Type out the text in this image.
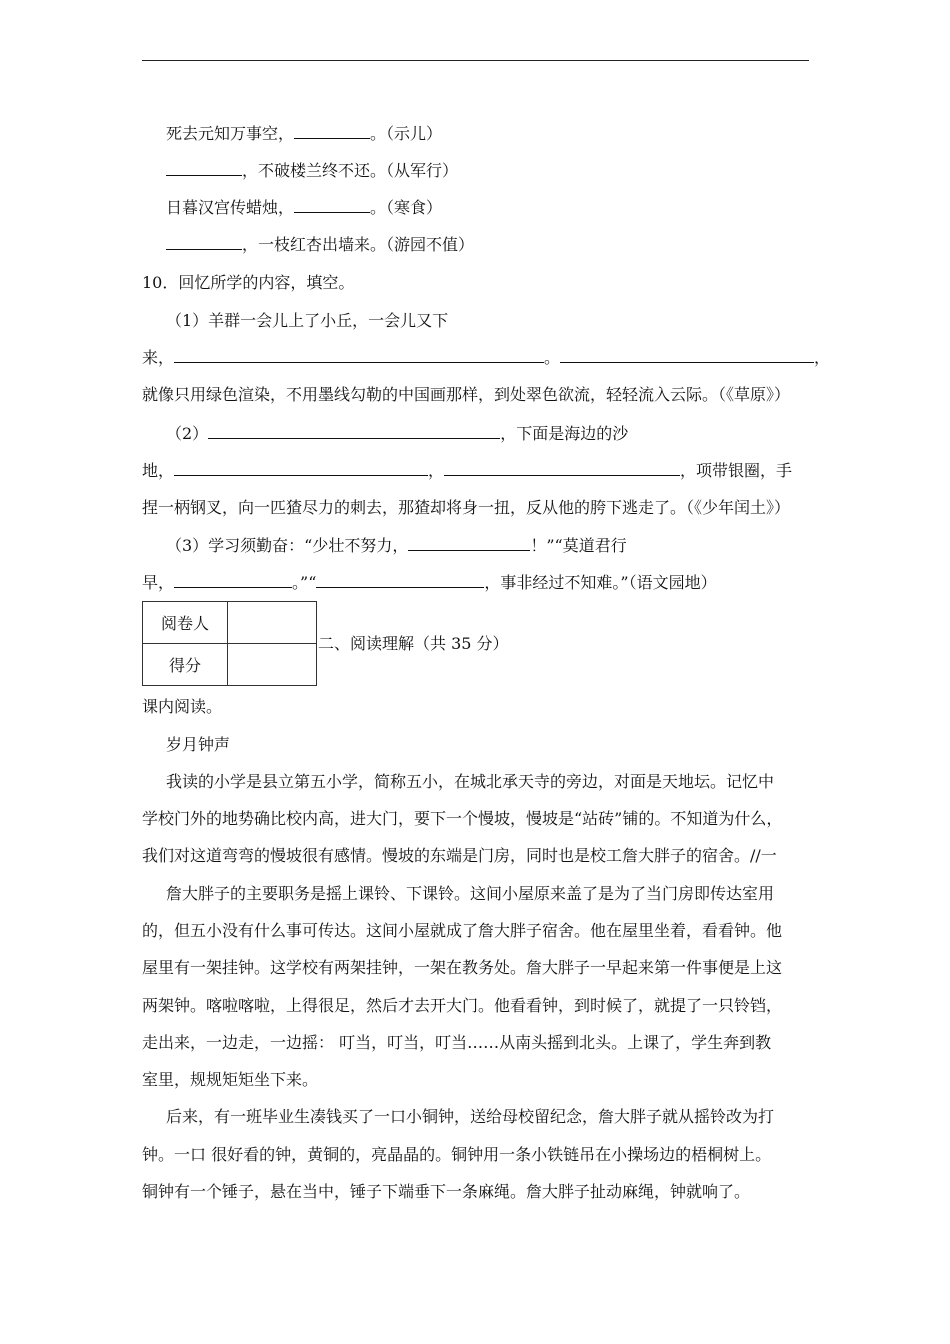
死去元知万事空，	。（示儿）
，不破楼兰终不还。（从军行）
日暮汉宫传蜡烛，	。（寒食）
，一枝红杏出墙来。（游园不值）
10．回忆所学的内容，填空。
（1）羊群一会儿上了小丘，一会儿又下
来，	。	，
就像只用绿色渲染，不用墨线勾勒的中国画那样，到处翠色欲流，轻轻流入云际。（《草原》）
（2）	，下面是海边的沙
地，	，	，项带银圈，手
捏一柄钢叉，向一匹猹尽力的刺去，那猹却将身一扭，反从他的胯下逃走了。（《少年闰土》）
（3）学习须勤奋：“少壮不努力，	！”“莫道君行
早，	。”“	，事非经过不知难。”（语文园地）
阅卷人	
得分	
二、阅读理解（共 35 分）
课内阅读。
岁月钟声
我读的小学是县立第五小学，简称五小，在城北承天寺的旁边，对面是天地坛。记忆中
学校门外的地势确比校内高，进大门，要下一个慢坡，慢坡是“站砖”铺的。不知道为什么，
我们对这道弯弯的慢坡很有感情。慢坡的东端是门房，同时也是校工詹大胖子的宿舍。//一
詹大胖子的主要职务是摇上课铃、下课铃。这间小屋原来盖了是为了当门房即传达室用
的，但五小没有什么事可传达。这间小屋就成了詹大胖子宿舍。他在屋里坐着，看看钟。他
屋里有一架挂钟。这学校有两架挂钟，一架在教务处。詹大胖子一早起来第一件事便是上这
两架钟。喀啦喀啦，上得很足，然后才去开大门。他看看钟，到时候了，就提了一只铃铛，
走出来，一边走，一边摇： 叮当，叮当，叮当……从南头摇到北头。上课了，学生奔到教
室里，规规矩矩坐下来。
后来，有一班毕业生凑钱买了一口小铜钟，送给母校留纪念，詹大胖子就从摇铃改为打
钟。一口 很好看的钟，黄铜的，亮晶晶的。铜钟用一条小铁链吊在小操场边的梧桐树上。
铜钟有一个锤子，悬在当中，锤子下端垂下一条麻绳。詹大胖子扯动麻绳，钟就响了。
